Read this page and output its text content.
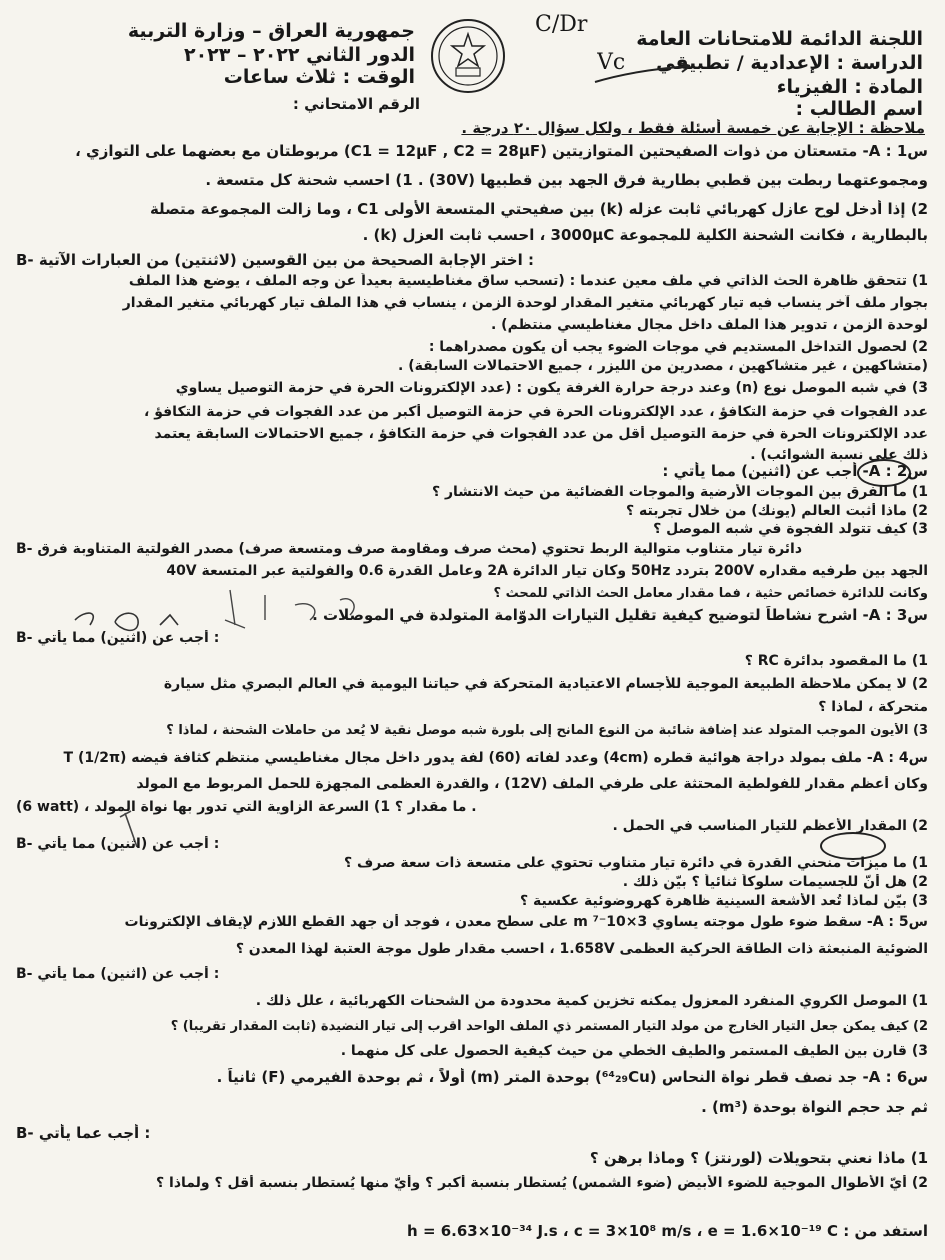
اللجنة الدائمة للامتحانات العامة
الدراسة : الإعدادية / تطبيقي
المادة : الفيزياء
اسم الطالب :
جمهورية العراق – وزارة التربية
الدور الثاني ٢٠٢٢ – ٢٠٢٣
الوقت : ثلاث ساعات
الرقم الامتحاني :
C/Dr
Vc
ملاحظة : الإجابة عن خمسة أسئلة فقط ، ولكل سؤال ٢٠ درجة .
س1 : A- متسعتان من ذوات الصفيحتين المتوازيتين (C1 = 12μF , C2 = 28μF) مربوطتان مع بعضهما على التوازي ،
ومجموعتهما ربطت بين قطبي بطارية فرق الجهد بين قطبيها (30V) . 1) احسب شحنة كل متسعة .
2) إذا أدخل لوح عازل كهربائي ثابت عزله (k) بين صفيحتي المتسعة الأولى C1 ، وما زالت المجموعة متصلة
بالبطارية ، فكانت الشحنة الكلية للمجموعة 3000μC ، احسب ثابت العزل (k) .
B- اختر الإجابة الصحيحة من بين القوسين (لاثنتين) من العبارات الآتية :
1) تتحقق ظاهرة الحث الذاتي في ملف معين عندما : (تسحب ساق مغناطيسية بعيداً عن وجه الملف ، يوضع هذا الملف
بجوار ملف آخر ينساب فيه تيار كهربائي متغير المقدار لوحدة الزمن ، ينساب في هذا الملف تيار كهربائي متغير المقدار
لوحدة الزمن ، تدوير هذا الملف داخل مجال مغناطيسي منتظم) .
2) لحصول التداخل المستديم في موجات الضوء يجب أن يكون مصدراهما :
(متشاكهين ، غير متشاكهين ، مصدرين من الليزر ، جميع الاحتمالات السابقة) .
3) في شبه الموصل نوع (n) وعند درجة حرارة الغرفة يكون : (عدد الإلكترونات الحرة في حزمة التوصيل يساوي
عدد الفجوات في حزمة التكافؤ ، عدد الإلكترونات الحرة في حزمة التوصيل أكبر من عدد الفجوات في حزمة التكافؤ ،
عدد الإلكترونات الحرة في حزمة التوصيل أقل من عدد الفجوات في حزمة التكافؤ ، جميع الاحتمالات السابقة يعتمد
ذلك على نسبة الشوائب) .
س2 : A- أجب عن (اثنين) مما يأتي :
1) ما الفرق بين الموجات الأرضية والموجات الفضائية من حيث الانتشار ؟
2) ماذا أثبت العالم (يونك) من خلال تجربته ؟
3) كيف تتولد الفجوة في شبه الموصل ؟
B- دائرة تيار متناوب متوالية الربط تحتوي (محث صرف ومقاومة صرف ومتسعة صرف) مصدر الفولتية المتناوبة فرق
الجهد بين طرفيه مقداره 200V بتردد 50Hz وكان تيار الدائرة 2A وعامل القدرة 0.6 والفولتية عبر المتسعة 40V
وكانت للدائرة خصائص حثية ، فما مقدار معامل الحث الذاتي للمحث ؟
س3 : A- اشرح نشاطاً لتوضيح كيفية تقليل التيارات الدوّامة المتولدة في الموصلات .
B- أجب عن (اثنين) مما يأتي :
1) ما المقصود بدائرة RC ؟
2) لا يمكن ملاحظة الطبيعة الموجية للأجسام الاعتيادية المتحركة في حياتنا اليومية في العالم البصري مثل سيارة
متحركة ، لماذا ؟
3) الأيون الموجب المتولد عند إضافة شائبة من النوع المانح إلى بلورة شبه موصل نقية لا يُعد من حاملات الشحنة ، لماذا ؟
س4 : A- ملف بمولد دراجة هوائية قطره (4cm) وعدد لفاته (60) لفة يدور داخل مجال مغناطيسي منتظم كثافة فيضه T (1/2π)
وكان أعظم مقدار للفولطية المحتثة على طرفي الملف (12V) ، والقدرة العظمى المجهزة للحمل المربوط مع المولد
(6 watt) ، ما مقدار ؟ 1) السرعة الزاوية التي تدور بها نواة المولد .
2) المقدار الأعظم للتيار المناسب في الحمل .
B- أجب عن (اثنين) مما يأتي :
1) ما ميزات منحني القدرة في دائرة تيار متناوب تحتوي على متسعة ذات سعة صرف ؟
2) هل أنّ للجسيمات سلوكاً ثنائياً ؟ بيّن ذلك .
3) بيّن لماذا تُعد الأشعة السينية ظاهرة كهروضوئية عكسية ؟
س5 : A- سقط ضوء طول موجته يساوي 3×10⁻⁷ m على سطح معدن ، فوجد أن جهد القطع اللازم لإيقاف الإلكترونات
الضوئية المنبعثة ذات الطاقة الحركية العظمى 1.658V ، احسب مقدار طول موجة العتبة لهذا المعدن ؟
B- أجب عن (اثنين) مما يأتي :
1) الموصل الكروي المنفرد المعزول يمكنه تخزين كمية محدودة من الشحنات الكهربائية ، علل ذلك .
2) كيف يمكن جعل التيار الخارج من مولد التيار المستمر ذي الملف الواحد أقرب إلى تيار النضيدة (ثابت المقدار تقريباً) ؟
3) قارن بين الطيف المستمر والطيف الخطي من حيث كيفية الحصول على كل منهما .
س6 : A- جد نصف قطر نواة النحاس (⁶⁴₂₉Cu) بوحدة المتر (m) أولاً ، ثم بوحدة الفيرمي (F) ثانياً .
ثم جد حجم النواة بوحدة (m³) .
B- أجب عما يأتي :
1) ماذا نعني بتحويلات (لورنتز) ؟ وماذا برهن ؟
2) أيّ الأطوال الموجية للضوء الأبيض (ضوء الشمس) يُستطار بنسبة أكبر ؟ وأيّ منها يُستطار بنسبة أقل ؟ ولماذا ؟
استفد من : h = 6.63×10⁻³⁴ J.s ، c = 3×10⁸ m/s ، e = 1.6×10⁻¹⁹ C
